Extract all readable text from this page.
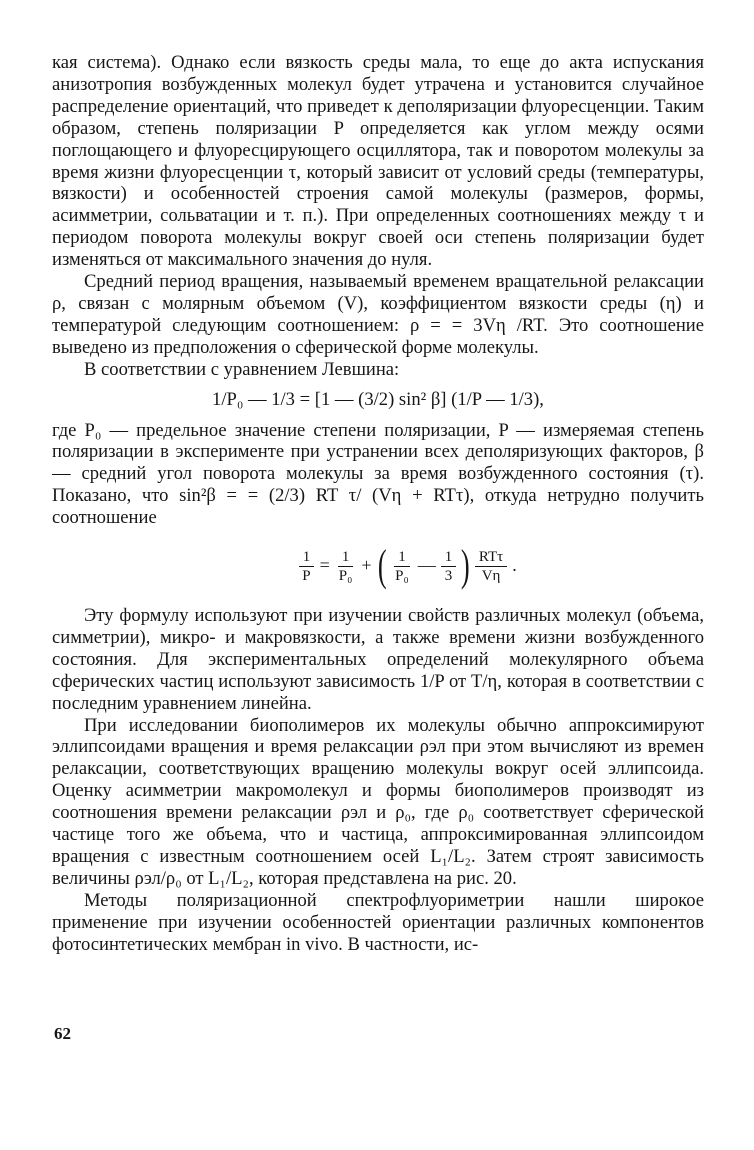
кая система). Однако если вязкость среды мала, то еще до акта испускания анизотропия возбужденных молекул будет утрачена и установится случайное распределение ориентаций, что приведет к деполяризации флуоресценции. Таким образом, степень поляризации P определяется как углом между осями поглощающего и флуоресцирующего осциллятора, так и поворотом молекулы за время жизни флуоресценции τ, который зависит от условий среды (температуры, вязкости) и особенностей строения самой молекулы (размеров, формы, асимметрии, сольватации и т. п.). При определенных соотношениях между τ и периодом поворота молекулы вокруг своей оси степень поляризации будет изменяться от максимального значения до нуля.

Средний период вращения, называемый временем вращательной релаксации ρ, связан с молярным объемом (V), коэффициентом вязкости среды (η) и температурой следующим соотношением: ρ = = 3Vη /RT. Это соотношение выведено из предположения о сферической форме молекулы.

В соответствии с уравнением Левшина:

1/P₀ — 1/3 = [1 — (3/2) sin² β] (1/P — 1/3),

где P₀ — предельное значение степени поляризации, P — измеряемая степень поляризации в эксперименте при устранении всех деполяризующих факторов, β — средний угол поворота молекулы за время возбужденного состояния (τ). Показано, что sin²β = = (2/3) RT τ/ (Vη + RTτ), откуда нетрудно получить соотношение

$\frac{1}{P} = \frac{1}{\text{P₀}}$ + ( $\frac{1}{\text{P₀}}$ — $\frac{1}{3}$ ) $\frac{\text{RTτ}}{V\eta}$ .

Эту формулу используют при изучении свойств различных молекул (объема, симметрии), микро- и макровязкости, а также времени жизни возбужденного состояния. Для экспериментальных определений молекулярного объема сферических частиц используют зависимость 1/P от T/η, которая в соответствии с последним уравнением линейна.

При исследовании биополимеров их молекулы обычно аппроксимируют эллипсоидами вращения и время релаксации ρэл при этом вычисляют из времен релаксации, соответствующих вращению молекулы вокруг осей эллипсоида. Оценку асимметрии макромолекул и формы биополимеров производят из соотношения времени релаксации ρэл и ρ₀, где ρ₀ соответствует сферической частице того же объема, что и частица, аппроксимированная эллипсоидом вращения с известным соотношением осей L₁/L₂. Затем строят зависимость величины ρэл/ρ₀ от L₁/L₂, которая представлена на рис. 20.

Методы поляризационной спектрофлуориметрии нашли широкое применение при изучении особенностей ориентации различных компонентов фотосинтетических мембран in vivo. В частности, ис-

62
